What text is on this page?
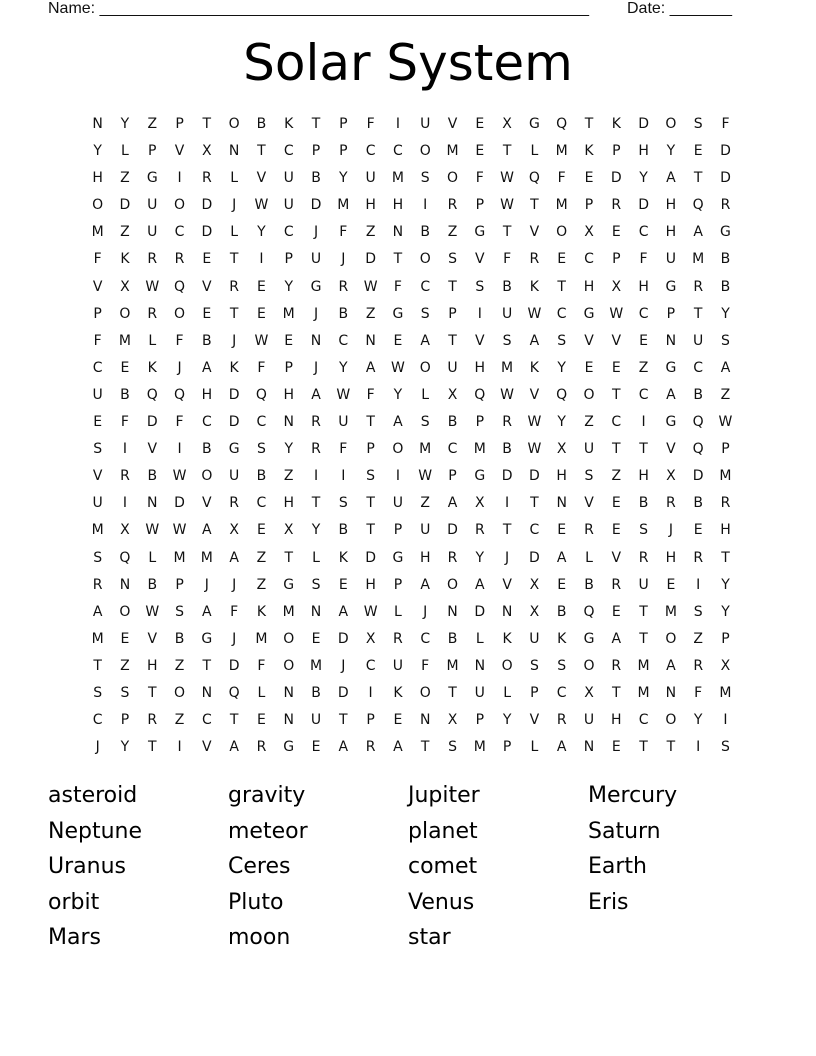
Name: _______________________________________________________ Date: _______
Solar System
N	Y	Z	P	T	O	B	K	T	P	F	I	U	V	E	X	G	Q	T	K	D	O	S	F
Y	L	P	V	X	N	T	C	P	P	C	C	O	M	E	T	L	M	K	P	H	Y	E	D
H	Z	G	I	R	L	V	U	B	Y	U	M	S	O	F	W	Q	F	E	D	Y	A	T	D
O	D	U	O	D	J	W	U	D	M	H	H	I	R	P	W	T	M	P	R	D	H	Q	R
M	Z	U	C	D	L	Y	C	J	F	Z	N	B	Z	G	T	V	O	X	E	C	H	A	G
F	K	R	R	E	T	I	P	U	J	D	T	O	S	V	F	R	E	C	P	F	U	M	B
V	X	W	Q	V	R	E	Y	G	R	W	F	C	T	S	B	K	T	H	X	H	G	R	B
P	O	R	O	E	T	E	M	J	B	Z	G	S	P	I	U	W	C	G	W	C	P	T	Y
F	M	L	F	B	J	W	E	N	C	N	E	A	T	V	S	A	S	V	V	E	N	U	S
C	E	K	J	A	K	F	P	J	Y	A	W	O	U	H	M	K	Y	E	E	Z	G	C	A
U	B	Q	Q	H	D	Q	H	A	W	F	Y	L	X	Q	W	V	Q	O	T	C	A	B	Z
E	F	D	F	C	D	C	N	R	U	T	A	S	B	P	R	W	Y	Z	C	I	G	Q	W
S	I	V	I	B	G	S	Y	R	F	P	O	M	C	M	B	W	X	U	T	T	V	Q	P
V	R	B	W	O	U	B	Z	I	I	S	I	W	P	G	D	D	H	S	Z	H	X	D	M
U	I	N	D	V	R	C	H	T	S	T	U	Z	A	X	I	T	N	V	E	B	R	B	R
M	X	W W	A	X	E	X	Y	B	T	P	U	D	R	T	C	E	R	E	S	J	E	H
S	Q	L	M	M	A	Z	T	L	K	D	G	H	R	Y	J	D	A	L	V	R	H	R	T
R	N	B	P	J	J	Z	G	S	E	H	P	A	O	A	V	X	E	B	R	U	E	I	Y
A	O	W	S	A	F	K	M	N	A	W	L	J	N	D	N	X	B	Q	E	T	M	S	Y
M	E	V	B	G	J	M	O	E	D	X	R	C	B	L	K	U	K	G	A	T	O	Z	P
T	Z	H	Z	T	D	F	O	M	J	C	U	F	M	N	O	S	S	O	R	M	A	R	X
S	S	T	O	N	Q	L	N	B	D	I	K	O	T	U	L	P	C	X	T	M	N	F	M
C	P	R	Z	C	T	E	N	U	T	P	E	N	X	P	Y	V	R	U	H	C	O	Y	I
J	Y	T	I	V	A	R	G	E	A	R	A	T	S	M	P	L	A	N	E	T	T	I	S
asteroid	gravity	Jupiter	Mercury
Neptune	meteor	planet	Saturn
Uranus	Ceres	comet	Earth
orbit	Pluto	Venus	Eris
Mars	moon	star
